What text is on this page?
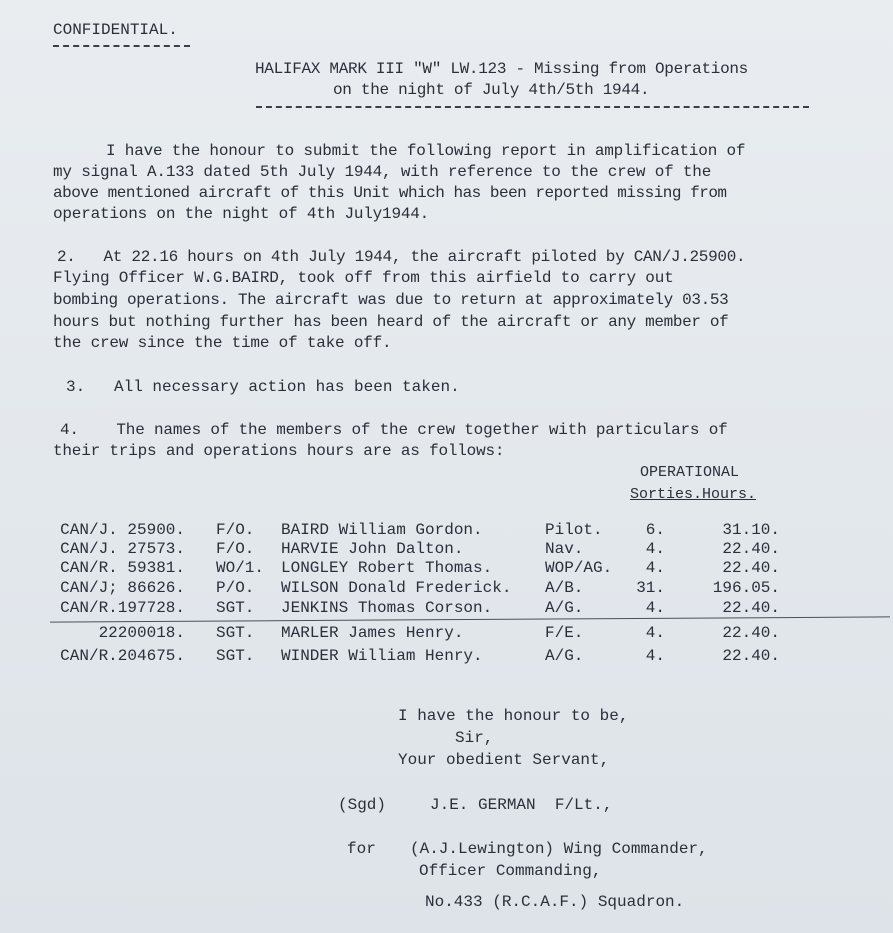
CONFIDENTIAL.
HALIFAX MARK III "W" LW.123 - Missing from Operations
on the night of July 4th/5th 1944.
I have the honour to submit the following report in amplification of
my signal A.133 dated 5th July 1944, with reference to the crew of the
above mentioned aircraft of this Unit which has been reported missing from
operations on the night of 4th July1944.
2.   At 22.16 hours on 4th July 1944, the aircraft piloted by CAN/J.25900.
Flying Officer W.G.BAIRD, took off from this airfield to carry out
bombing operations. The aircraft was due to return at approximately 03.53
hours but nothing further has been heard of the aircraft or any member of
the crew since the time of take off.
3.   All necessary action has been taken.
4.    The names of the members of the crew together with particulars of
their trips and operations hours are as follows:
OPERATIONAL
Sorties.Hours.
CAN/J. 25900. F/O. BAIRD William Gordon.	Pilot.	6.	31.10.
CAN/J. 27573. F/O. HARVIE John Dalton.	Nav.	4.	22.40.
CAN/R. 59381. WO/1. LONGLEY Robert Thomas.	WOP/AG. 4.	22.40.
CAN/J; 86626. P/O. WILSON Donald Frederick. A/B.	31.	196.05.
CAN/R.197728. SGT. JENKINS Thomas Corson.	A/G.	4.	22.40.
22200018. SGT. MARLER James Henry.	F/E.	4.	22.40.
CAN/R.204675. SGT. WINDER William Henry.	A/G.	4.	22.40.
I have the honour to be,
Sir,
Your obedient Servant,
(Sgd)	J.E. GERMAN  F/Lt.,
for (A.J.Lewington) Wing Commander,
Officer Commanding,
No.433 (R.C.A.F.) Squadron.
